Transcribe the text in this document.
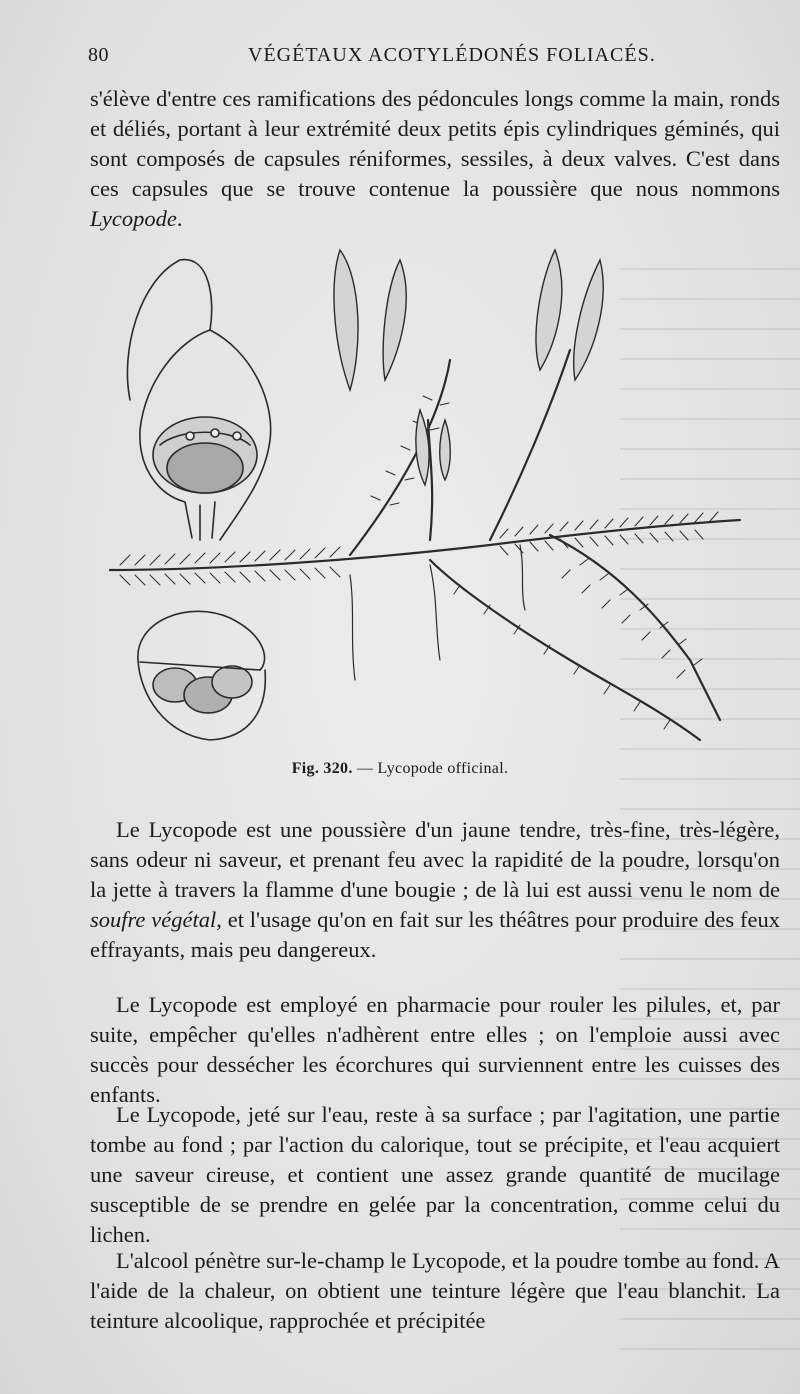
80	VÉGÉTAUX ACOTYLÉDONÉS FOLIACÉS.
s'élève d'entre ces ramifications des pédoncules longs comme la main, ronds et déliés, portant à leur extrémité deux petits épis cylindriques géminés, qui sont composés de capsules réniformes, sessiles, à deux valves. C'est dans ces capsules que se trouve contenue la poussière que nous nommons Lycopode.
Fig. 320. — Lycopode officinal.
Le Lycopode est une poussière d'un jaune tendre, très-fine, très-légère, sans odeur ni saveur, et prenant feu avec la rapidité de la poudre, lorsqu'on la jette à travers la flamme d'une bougie ; de là lui est aussi venu le nom de soufre végétal, et l'usage qu'on en fait sur les théâtres pour produire des feux effrayants, mais peu dangereux.
Le Lycopode est employé en pharmacie pour rouler les pilules, et, par suite, empêcher qu'elles n'adhèrent entre elles ; on l'emploie aussi avec succès pour dessécher les écorchures qui surviennent entre les cuisses des enfants.
Le Lycopode, jeté sur l'eau, reste à sa surface ; par l'agitation, une partie tombe au fond ; par l'action du calorique, tout se précipite, et l'eau acquiert une saveur cireuse, et contient une assez grande quantité de mucilage susceptible de se prendre en gelée par la concentration, comme celui du lichen.
L'alcool pénètre sur-le-champ le Lycopode, et la poudre tombe au fond. A l'aide de la chaleur, on obtient une teinture légère que l'eau blanchit. La teinture alcoolique, rapprochée et précipitée
